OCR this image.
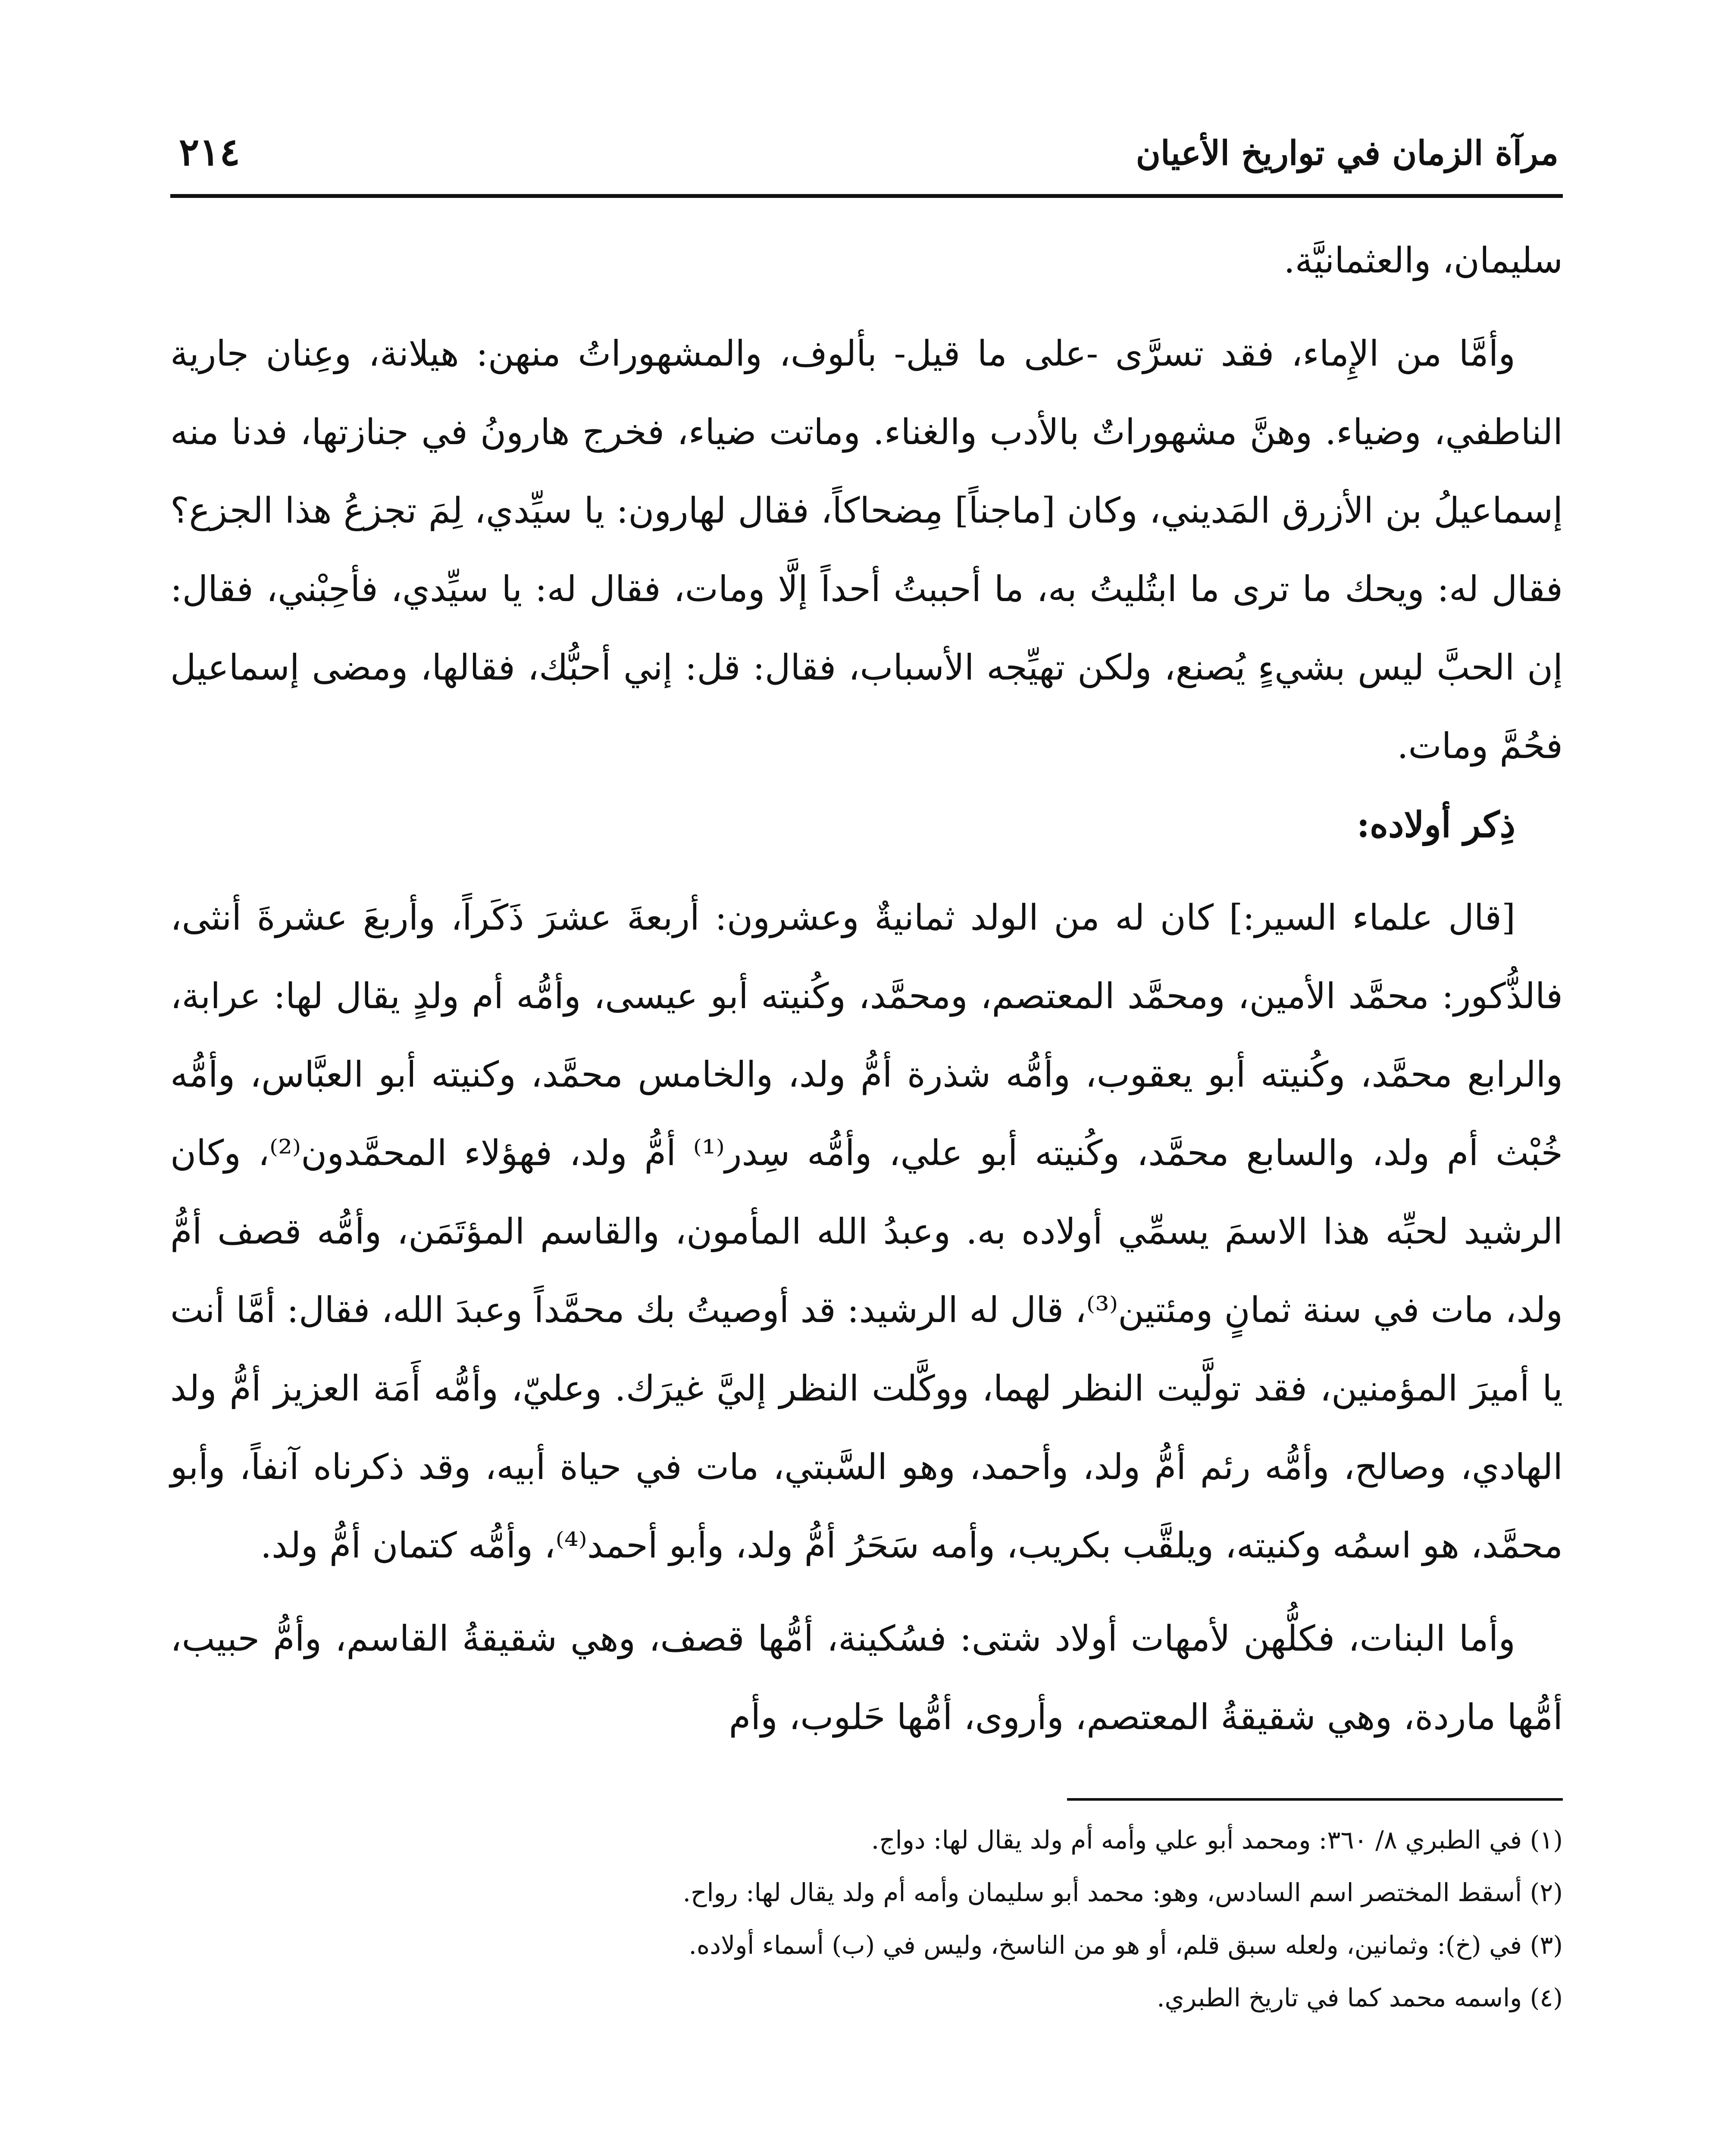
مرآة الزمان في تواريخ الأعيان
٢١٤

سليمان، والعثمانيَّة.

وأمَّا من الإِماء، فقد تسرَّى -على ما قيل- بألوف، والمشهوراتُ منهن: هيلانة، وعِنان جارية الناطفي، وضياء. وهنَّ مشهوراتٌ بالأدب والغناء. وماتت ضياء، فخرج هارونُ في جنازتها، فدنا منه إسماعيلُ بن الأزرق المَديني، وكان [ماجناً] مِضحاكاً، فقال لهارون: يا سيِّدي، لِمَ تجزعُ هذا الجزع؟ فقال له: ويحك ما ترى ما ابتُليتُ به، ما أحببتُ أحداً إلَّا ومات، فقال له: يا سيِّدي، فأحِبْني، فقال: إن الحبَّ ليس بشيءٍ يُصنع، ولكن تهيِّجه الأسباب، فقال: قل: إني أحبُّك، فقالها، ومضى إسماعيل فحُمَّ ومات.

ذِكر أولاده:

[قال علماء السير:] كان له من الولد ثمانيةٌ وعشرون: أربعةَ عشرَ ذَكَراً، وأربعَ عشرةَ أنثى، فالذُّكور: محمَّد الأمين، ومحمَّد المعتصم، ومحمَّد، وكُنيته أبو عيسى، وأمُّه أم ولدٍ يقال لها: عرابة، والرابع محمَّد، وكُنيته أبو يعقوب، وأمُّه شذرة أمُّ ولد، والخامس محمَّد، وكنيته أبو العبَّاس، وأمُّه خُبْث أم ولد، والسابع محمَّد، وكُنيته أبو علي، وأمُّه سِدر⁽¹⁾ أمُّ ولد، فهؤلاء المحمَّدون⁽²⁾، وكان الرشيد لحبِّه هذا الاسمَ يسمِّي أولاده به. وعبدُ الله المأمون، والقاسم المؤتَمَن، وأمُّه قصف أمُّ ولد، مات في سنة ثمانٍ ومئتين⁽³⁾، قال له الرشيد: قد أوصيتُ بك محمَّداً وعبدَ الله، فقال: أمَّا أنت يا أميرَ المؤمنين، فقد تولَّيت النظر لهما، ووكَّلت النظر إليَّ غيرَك. وعليّ، وأمُّه أَمَة العزيز أمُّ ولد الهادي، وصالح، وأمُّه رئم أمُّ ولد، وأحمد، وهو السَّبتي، مات في حياة أبيه، وقد ذكرناه آنفاً، وأبو محمَّد، هو اسمُه وكنيته، ويلقَّب بكريب، وأمه سَحَرُ أمُّ ولد، وأبو أحمد⁽⁴⁾، وأمُّه كتمان أمُّ ولد.

وأما البنات، فكلُّهن لأمهات أولاد شتى: فسُكينة، أمُّها قصف، وهي شقيقةُ القاسم، وأمُّ حبيب، أمُّها ماردة، وهي شقيقةُ المعتصم، وأروى، أمُّها حَلوب، وأم

(١) في الطبري ٨/ ٣٦٠: ومحمد أبو علي وأمه أم ولد يقال لها: دواج.

(٢) أسقط المختصر اسم السادس، وهو: محمد أبو سليمان وأمه أم ولد يقال لها: رواح.

(٣) في (خ): وثمانين، ولعله سبق قلم، أو هو من الناسخ، وليس في (ب) أسماء أولاده.

(٤) واسمه محمد كما في تاريخ الطبري.
